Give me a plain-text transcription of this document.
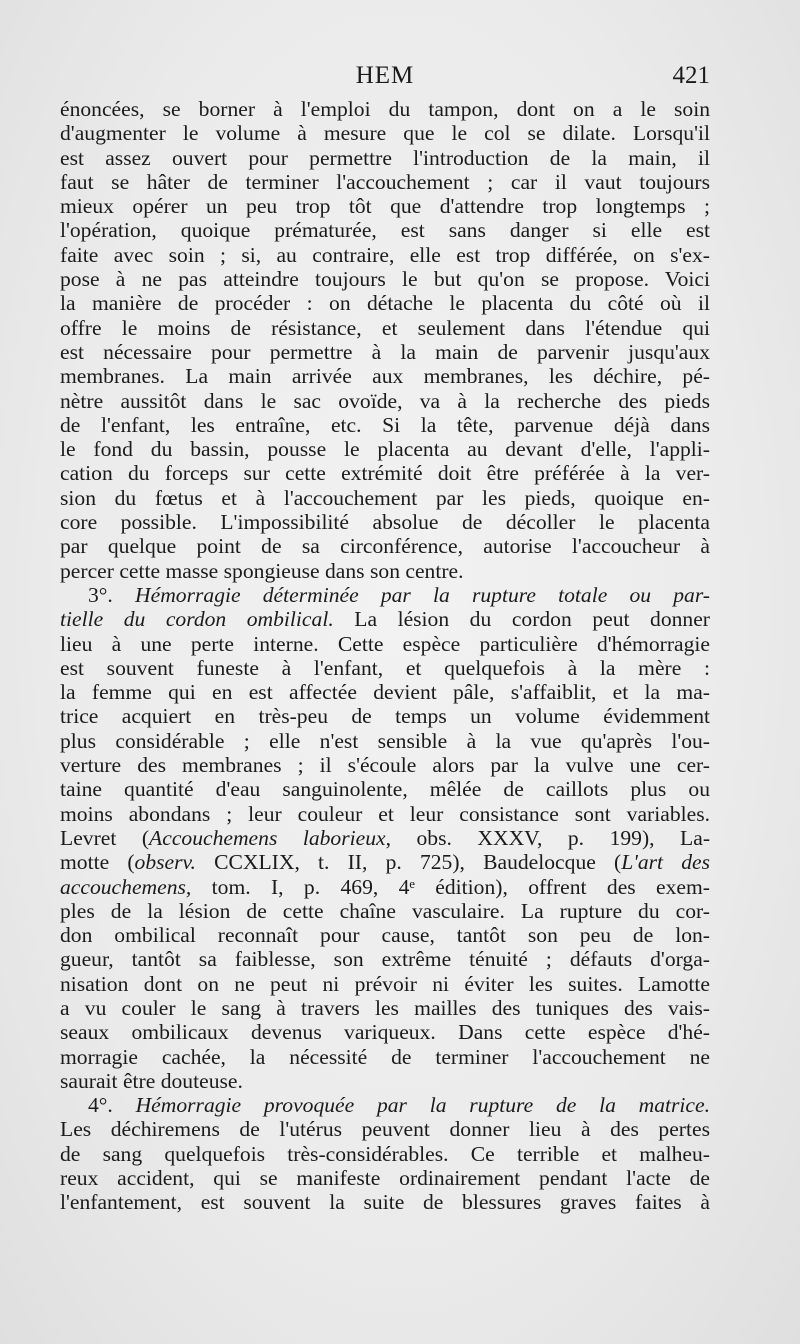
HEM	421
énoncées, se borner à l'emploi du tampon, dont on a le soin
d'augmenter le volume à mesure que le col se dilate. Lorsqu'il
est assez ouvert pour permettre l'introduction de la main, il
faut se hâter de terminer l'accouchement ; car il vaut toujours
mieux opérer un peu trop tôt que d'attendre trop longtemps ;
l'opération, quoique prématurée, est sans danger si elle est
faite avec soin ; si, au contraire, elle est trop différée, on s'ex-
pose à ne pas atteindre toujours le but qu'on se propose. Voici
la manière de procéder : on détache le placenta du côté où il
offre le moins de résistance, et seulement dans l'étendue qui
est nécessaire pour permettre à la main de parvenir jusqu'aux
membranes. La main arrivée aux membranes, les déchire, pé-
nètre aussitôt dans le sac ovoïde, va à la recherche des pieds
de l'enfant, les entraîne, etc. Si la tête, parvenue déjà dans
le fond du bassin, pousse le placenta au devant d'elle, l'appli-
cation du forceps sur cette extrémité doit être préférée à la ver-
sion du fœtus et à l'accouchement par les pieds, quoique en-
core possible. L'impossibilité absolue de décoller le placenta
par quelque point de sa circonférence, autorise l'accoucheur à
percer cette masse spongieuse dans son centre.
3°. Hémorragie déterminée par la rupture totale ou par-
tielle du cordon ombilical. La lésion du cordon peut donner
lieu à une perte interne. Cette espèce particulière d'hémorragie
est souvent funeste à l'enfant, et quelquefois à la mère :
la femme qui en est affectée devient pâle, s'affaiblit, et la ma-
trice acquiert en très-peu de temps un volume évidemment
plus considérable ; elle n'est sensible à la vue qu'après l'ou-
verture des membranes ; il s'écoule alors par la vulve une cer-
taine quantité d'eau sanguinolente, mêlée de caillots plus ou
moins abondans ; leur couleur et leur consistance sont variables.
Levret (Accouchemens laborieux, obs. XXXV, p. 199), La-
motte (observ. CCXLIX, t. II, p. 725), Baudelocque (L'art des
accouchemens, tom. I, p. 469, 4ᵉ édition), offrent des exem-
ples de la lésion de cette chaîne vasculaire. La rupture du cor-
don ombilical reconnaît pour cause, tantôt son peu de lon-
gueur, tantôt sa faiblesse, son extrême ténuité ; défauts d'orga-
nisation dont on ne peut ni prévoir ni éviter les suites. Lamotte
a vu couler le sang à travers les mailles des tuniques des vais-
seaux ombilicaux devenus variqueux. Dans cette espèce d'hé-
morragie cachée, la nécessité de terminer l'accouchement ne
saurait être douteuse.
4°. Hémorragie provoquée par la rupture de la matrice.
Les déchiremens de l'utérus peuvent donner lieu à des pertes
de sang quelquefois très-considérables. Ce terrible et malheu-
reux accident, qui se manifeste ordinairement pendant l'acte de
l'enfantement, est souvent la suite de blessures graves faites à
